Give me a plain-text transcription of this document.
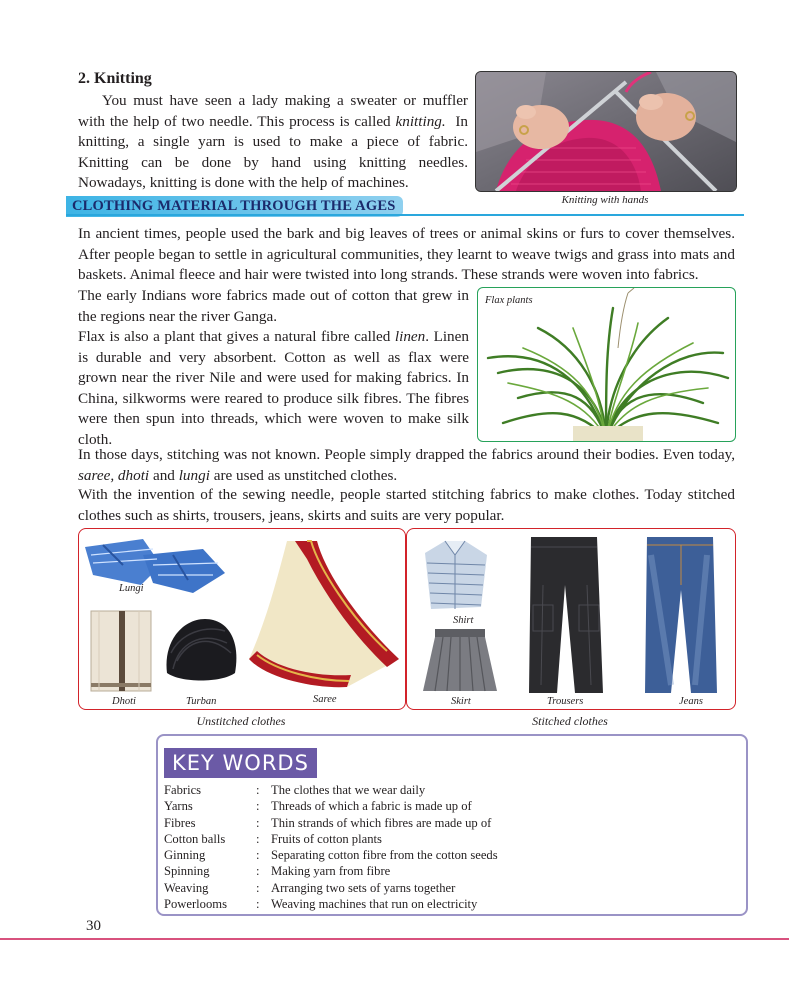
2. Knitting
You must have seen a lady making a sweater or muffler with the help of two needle. This process is called knitting.  In knitting, a single yarn is used to make a piece of fabric. Knitting can be done by hand using knitting needles. Nowadays, knitting is done with the help of machines.
Knitting with hands
CLOTHING MATERIAL THROUGH THE AGES
In ancient times, people used the bark and big leaves of trees or animal skins or furs to cover themselves. After people began to settle in agricultural communities, they learnt to weave twigs and grass into mats and baskets. Animal fleece and hair were twisted into long strands. These strands were woven into fabrics.
The early Indians wore fabrics made out of cotton that grew in the regions near the river Ganga.
Flax is also a plant that gives a natural fibre called linen. Linen is durable and very absorbent. Cotton as well as flax were grown near the river Nile and were used for making fabrics. In China, silkworms were reared to produce silk fibres. The fibres were then spun into threads, which were woven to make silk cloth.
Flax plants
In those days, stitching was not known. People simply drapped the fabrics around their bodies. Even today, saree, dhoti and lungi are used as unstitched clothes.
With the invention of the sewing needle, people started stitching fabrics to make clothes. Today stitched clothes such as shirts, trousers, jeans, skirts and suits are very popular.
Lungi
Dhoti	Turban	Saree
Unstitched clothes
Shirt
Skirt	Trousers	Jeans
Stitched clothes
KEY WORDS
Fabrics	: The clothes that we wear daily
Yarns	: Threads of which a fabric is made up of
Fibres	: Thin strands of which fibres are made up of
Cotton balls	: Fruits of cotton plants
Ginning	: Separating cotton fibre from the cotton seeds
Spinning	: Making yarn from fibre
Weaving	: Arranging two sets of yarns together
Powerlooms	: Weaving machines that run on electricity
30
